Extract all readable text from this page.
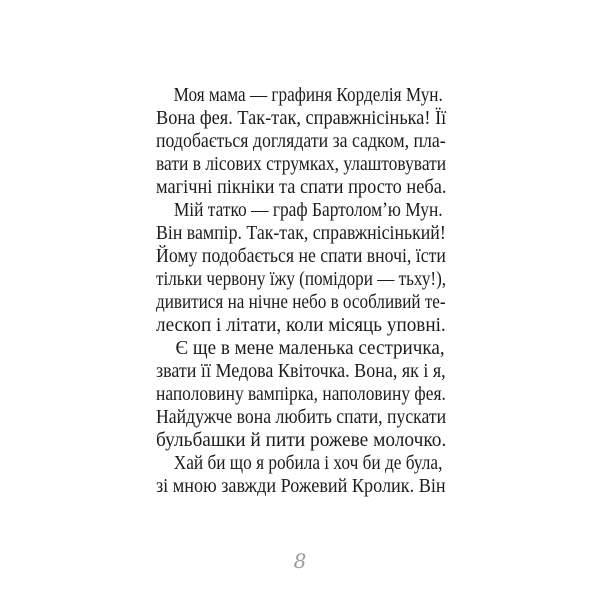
Моя мама — графиня Корделія Мун.
Вона фея. Так-так, справжнісінька! Її
подобається доглядати за садком, пла-
вати в лісових струмках, улаштовувати
магічні пікніки та спати просто неба.
Мій татко — граф Бартоломʼю Мун.
Він вампір. Так-так, справжнісінький!
Йому подобається не спати вночі, їсти
тільки червону їжу (помідори — тьху!),
дивитися на нічне небо в особливий те-
лескоп і літати, коли місяць уповні.
Є ще в мене маленька сестричка,
звати її Медова Квіточка. Вона, як і я,
наполовину вампірка, наполовину фея.
Найдужче вона любить спати, пускати
бульбашки й пити рожеве молочко.
Хай би що я робила і хоч би де була,
зі мною завжди Рожевий Кролик. Він
8
